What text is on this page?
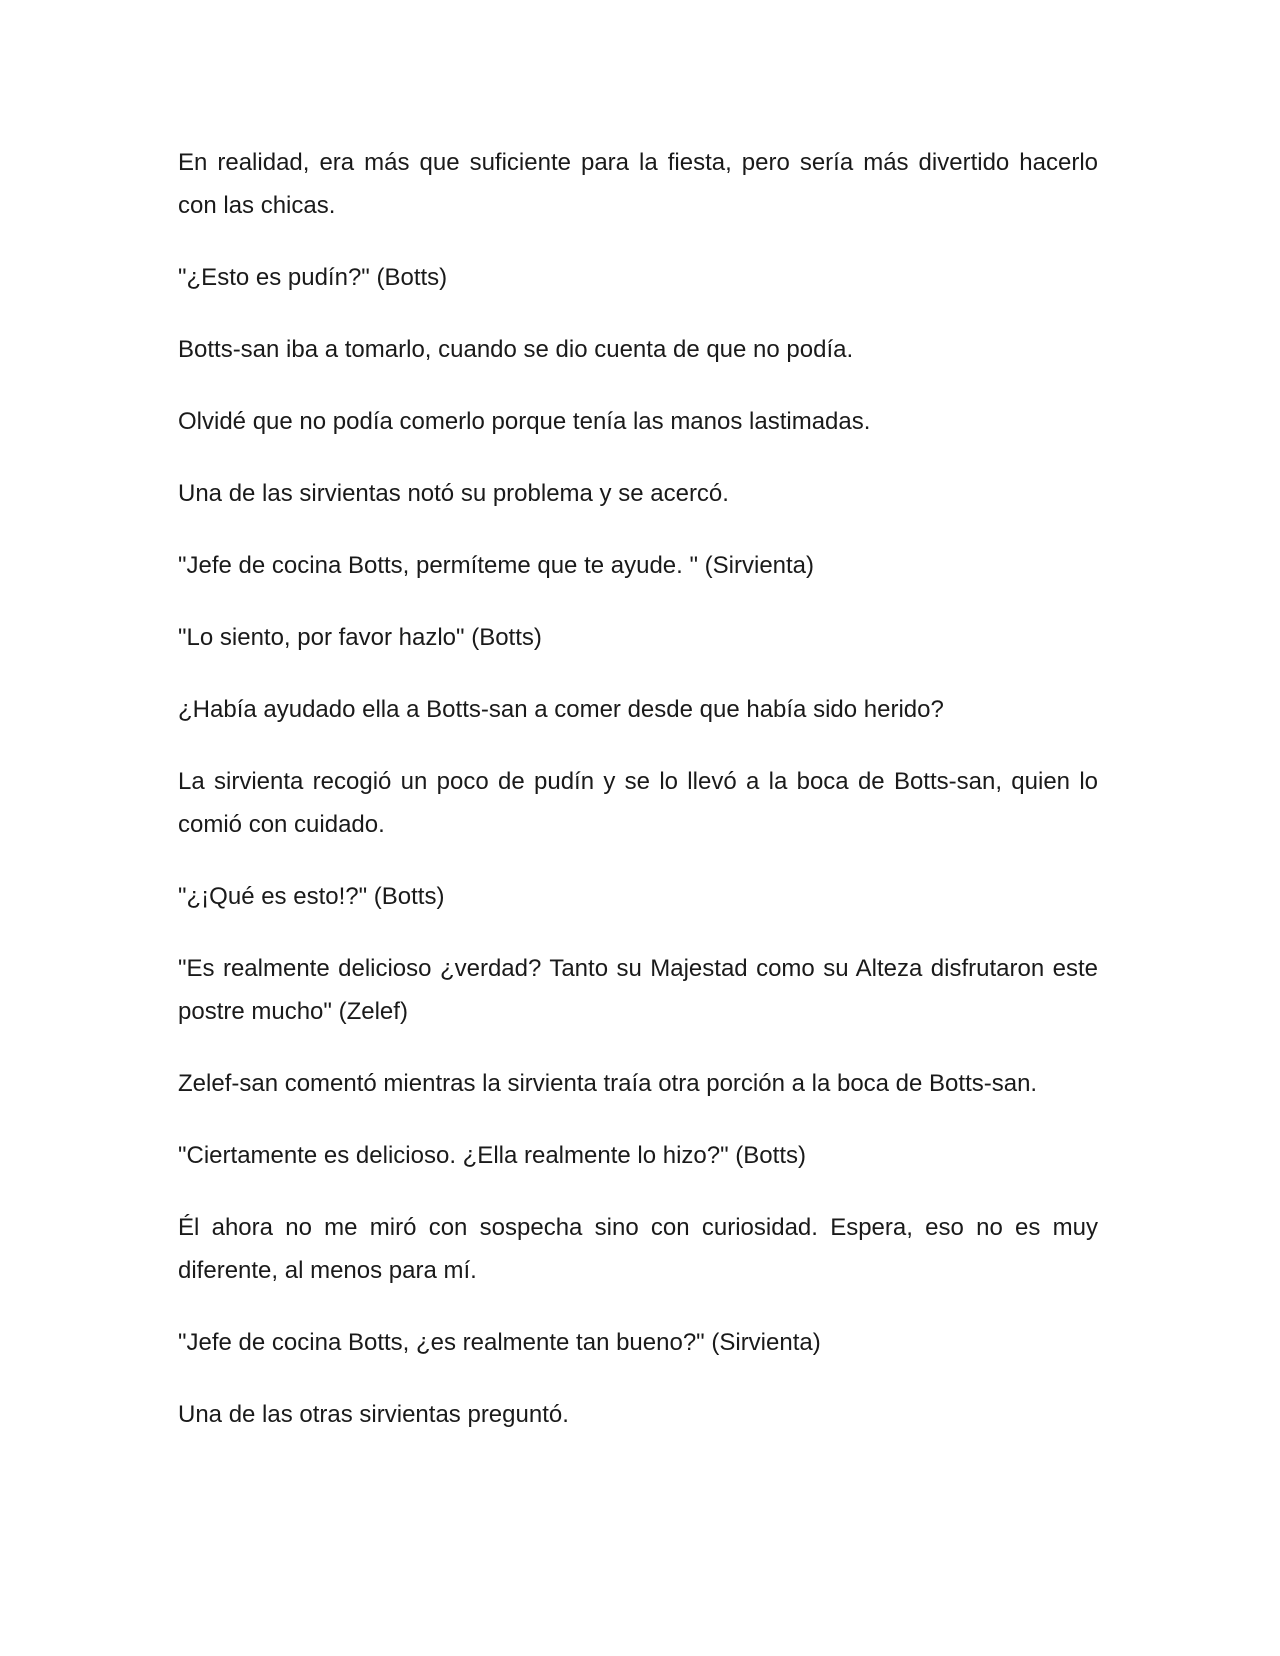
En realidad, era más que suficiente para la fiesta, pero sería más divertido hacerlo con las chicas.

"¿Esto es pudín?" (Botts)

Botts-san iba a tomarlo, cuando se dio cuenta de que no podía.

Olvidé que no podía comerlo porque tenía las manos lastimadas.

Una de las sirvientas notó su problema y se acercó.

"Jefe de cocina Botts, permíteme que te ayude. " (Sirvienta)

"Lo siento, por favor hazlo" (Botts)

¿Había ayudado ella a Botts-san a comer desde que había sido herido?

La sirvienta recogió un poco de pudín y se lo llevó a la boca de Botts-san, quien lo comió con cuidado.

"¿¡Qué es esto!?" (Botts)

"Es realmente delicioso ¿verdad? Tanto su Majestad como su Alteza disfrutaron este postre mucho" (Zelef)

Zelef-san comentó mientras la sirvienta traía otra porción a la boca de Botts-san.

"Ciertamente es delicioso. ¿Ella realmente lo hizo?" (Botts)

Él ahora no me miró con sospecha sino con curiosidad. Espera, eso no es muy diferente, al menos para mí.

"Jefe de cocina Botts, ¿es realmente tan bueno?" (Sirvienta)

Una de las otras sirvientas preguntó.
